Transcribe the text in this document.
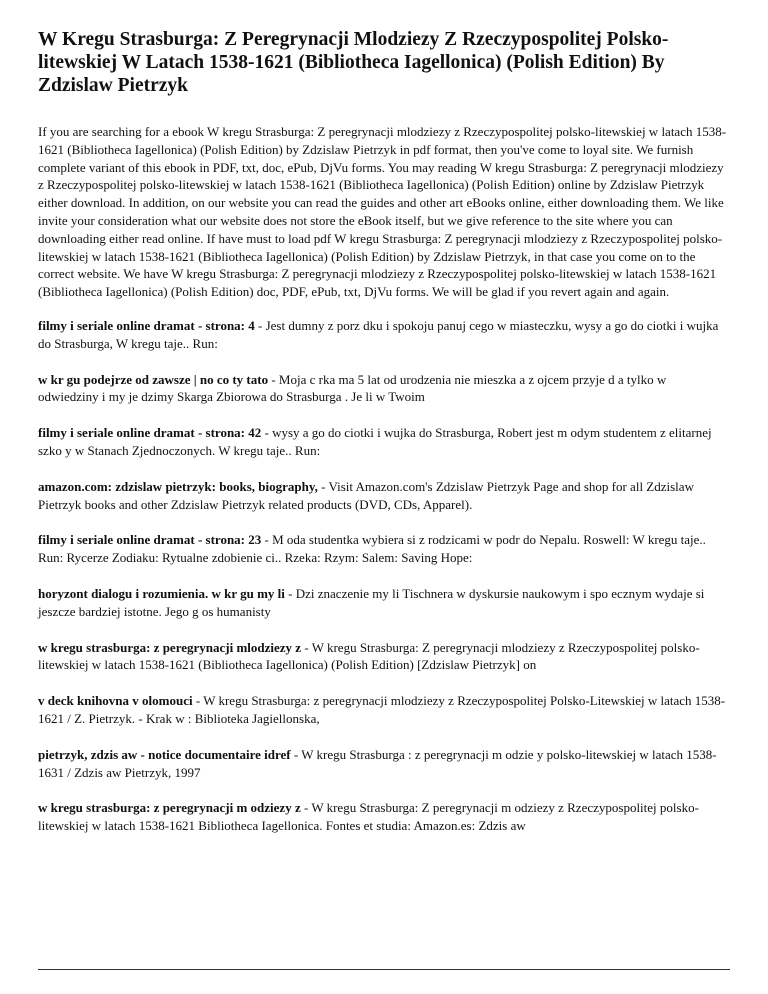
W Kregu Strasburga: Z Peregrynacji Mlodziezy Z Rzeczypospolitej Polsko-litewskiej W Latach 1538-1621 (Bibliotheca Iagellonica) (Polish Edition) By Zdzislaw Pietrzyk

If you are searching for a ebook W kregu Strasburga: Z peregrynacji mlodziezy z Rzeczypospolitej polsko-litewskiej w latach 1538-1621 (Bibliotheca Iagellonica) (Polish Edition) by Zdzislaw Pietrzyk in pdf format, then you've come to loyal site. We furnish complete variant of this ebook in PDF, txt, doc, ePub, DjVu forms. You may reading W kregu Strasburga: Z peregrynacji mlodziezy z Rzeczypospolitej polsko-litewskiej w latach 1538-1621 (Bibliotheca Iagellonica) (Polish Edition) online by Zdzislaw Pietrzyk either download. In addition, on our website you can read the guides and other art eBooks online, either downloading them. We like invite your consideration what our website does not store the eBook itself, but we give reference to the site where you can downloading either read online. If have must to load pdf W kregu Strasburga: Z peregrynacji mlodziezy z Rzeczypospolitej polsko-litewskiej w latach 1538-1621 (Bibliotheca Iagellonica) (Polish Edition) by Zdzislaw Pietrzyk, in that case you come on to the correct website. We have W kregu Strasburga: Z peregrynacji mlodziezy z Rzeczypospolitej polsko-litewskiej w latach 1538-1621 (Bibliotheca Iagellonica) (Polish Edition) doc, PDF, ePub, txt, DjVu forms. We will be glad if you revert again and again.

filmy i seriale online dramat - strona: 4 - Jest dumny z porz dku i spokoju panuj cego w miasteczku, wysy a go do ciotki i wujka do Strasburga, W kregu taje.. Run:

w kr gu podejrze od zawsze | no co ty tato - Moja c rka ma 5 lat od urodzenia nie mieszka a z ojcem przyje d a tylko w odwiedziny i my je dzimy Skarga Zbiorowa do Strasburga . Je li w Twoim

filmy i seriale online dramat - strona: 42 - wysy a go do ciotki i wujka do Strasburga, Robert jest m odym studentem z elitarnej szko y w Stanach Zjednoczonych. W kregu taje.. Run:

amazon.com: zdzislaw pietrzyk: books, biography, - Visit Amazon.com's Zdzislaw Pietrzyk Page and shop for all Zdzislaw Pietrzyk books and other Zdzislaw Pietrzyk related products (DVD, CDs, Apparel).

filmy i seriale online dramat - strona: 23 - M oda studentka wybiera si z rodzicami w podr do Nepalu. Roswell: W kregu taje.. Run: Rycerze Zodiaku: Rytualne zdobienie ci.. Rzeka: Rzym: Salem: Saving Hope:

horyzont dialogu i rozumienia. w kr gu my li - Dzi znaczenie my li Tischnera w dyskursie naukowym i spo ecznym wydaje si jeszcze bardziej istotne. Jego g os humanisty

w kregu strasburga: z peregrynacji mlodziezy z - W kregu Strasburga: Z peregrynacji mlodziezy z Rzeczypospolitej polsko-litewskiej w latach 1538-1621 (Bibliotheca Iagellonica) (Polish Edition) [Zdzislaw Pietrzyk] on

v deck knihovna v olomouci - W kregu Strasburga: z peregrynacji mlodziezy z Rzeczypospolitej Polsko-Litewskiej w latach 1538-1621 / Z. Pietrzyk. - Krak w : Biblioteka Jagiellonska,

pietrzyk, zdzis aw - notice documentaire idref - W kregu Strasburga : z peregrynacji m odzie y polsko-litewskiej w latach 1538-1631 / Zdzis aw Pietrzyk, 1997

w kregu strasburga: z peregrynacji m odziezy z - W kregu Strasburga: Z peregrynacji m odziezy z Rzeczypospolitej polsko-litewskiej w latach 1538-1621 Bibliotheca Iagellonica. Fontes et studia: Amazon.es: Zdzis aw
